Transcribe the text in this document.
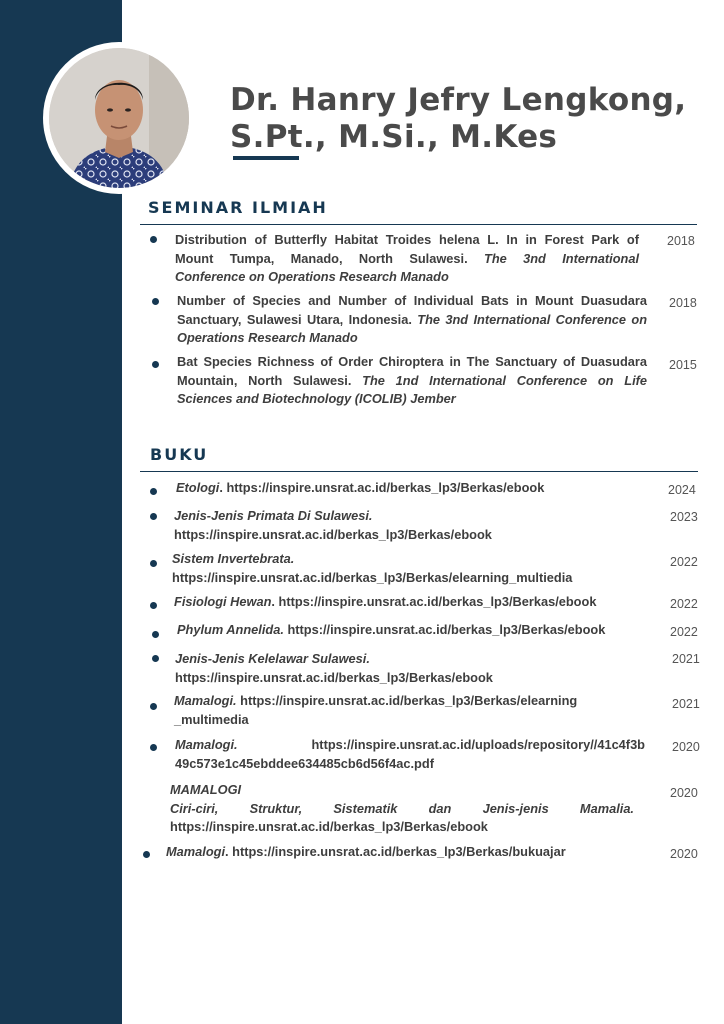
Dr. Hanry Jefry Lengkong,
S.Pt., M.Si., M.Kes
SEMINAR ILMIAH
Distribution of Butterfly Habitat Troides helena L. In in Forest Park of
Mount Tumpa, Manado, North Sulawesi. The 3nd International
Conference on Operations Research Manado
2018
Number of Species and Number of Individual Bats in Mount Duasudara
Sanctuary, Sulawesi Utara, Indonesia. The 3nd International Conference on
Operations Research Manado
2018
Bat Species Richness of Order Chiroptera in The Sanctuary of Duasudara
Mountain, North Sulawesi. The 1nd International Conference on Life
Sciences and Biotechnology (ICOLIB) Jember
2015
BUKU
Etologi. https://inspire.unsrat.ac.id/berkas_lp3/Berkas/ebook	2024
Jenis-Jenis Primata Di Sulawesi.
https://inspire.unsrat.ac.id/berkas_lp3/Berkas/ebook
2023
Sistem Invertebrata.
https://inspire.unsrat.ac.id/berkas_lp3/Berkas/elearning_multiedia
2022
Fisiologi Hewan. https://inspire.unsrat.ac.id/berkas_lp3/Berkas/ebook	2022
Phylum Annelida. https://inspire.unsrat.ac.id/berkas_lp3/Berkas/ebook	2022
Jenis-Jenis Kelelawar Sulawesi.
https://inspire.unsrat.ac.id/berkas_lp3/Berkas/ebook
2021
Mamalogi. https://inspire.unsrat.ac.id/berkas_lp3/Berkas/elearning
_multimedia
2021
Mamalogi. https://inspire.unsrat.ac.id/uploads/repository//41c4f3b
49c573e1c45ebddee634485cb6d56f4ac.pdf
2020
MAMALOGI
Ciri-ciri, Struktur, Sistematik dan Jenis-jenis Mamalia.
https://inspire.unsrat.ac.id/berkas_lp3/Berkas/ebook
2020
Mamalogi. https://inspire.unsrat.ac.id/berkas_lp3/Berkas/bukuajar	2020
